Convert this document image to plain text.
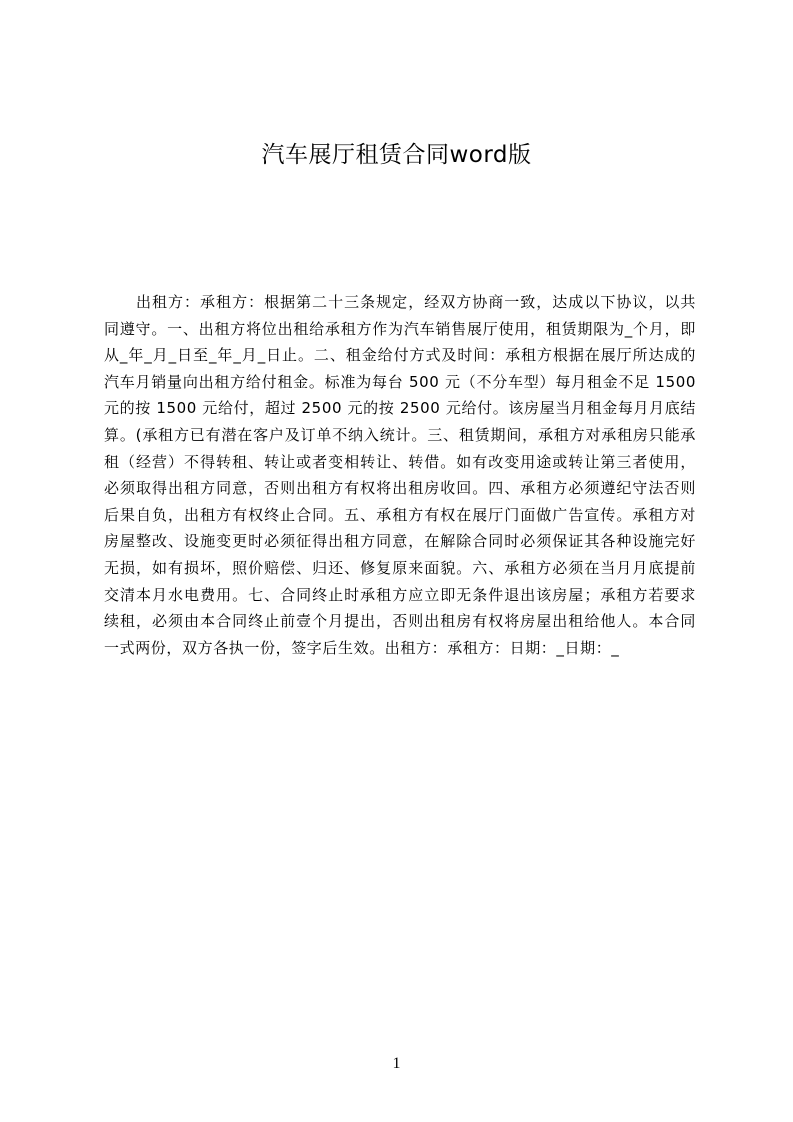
汽车展厅租赁合同word版

出租方：承租方：根据第二十三条规定，经双方协商一致，达成以下协议，以共同遵守。一、出租方将位出租给承租方作为汽车销售展厅使用，租赁期限为_个月，即从_年_月_日至_年_月_日止。二、租金给付方式及时间：承租方根据在展厅所达成的汽车月销量向出租方给付租金。标准为每台 500 元（不分车型）每月租金不足 1500 元的按 1500 元给付，超过 2500 元的按 2500 元给付。该房屋当月租金每月月底结算。(承租方已有潜在客户及订单不纳入统计。三、租赁期间，承租方对承租房只能承租（经营）不得转租、转让或者变相转让、转借。如有改变用途或转让第三者使用，必须取得出租方同意，否则出租方有权将出租房收回。四、承租方必须遵纪守法否则后果自负，出租方有权终止合同。五、承租方有权在展厅门面做广告宣传。承租方对房屋整改、设施变更时必须征得出租方同意，在解除合同时必须保证其各种设施完好无损，如有损坏，照价赔偿、归还、修复原来面貌。六、承租方必须在当月月底提前交清本月水电费用。七、合同终止时承租方应立即无条件退出该房屋；承租方若要求续租，必须由本合同终止前壹个月提出，否则出租房有权将房屋出租给他人。本合同一式两份，双方各执一份，签字后生效。出租方：承租方：日期：_日期：_

1
